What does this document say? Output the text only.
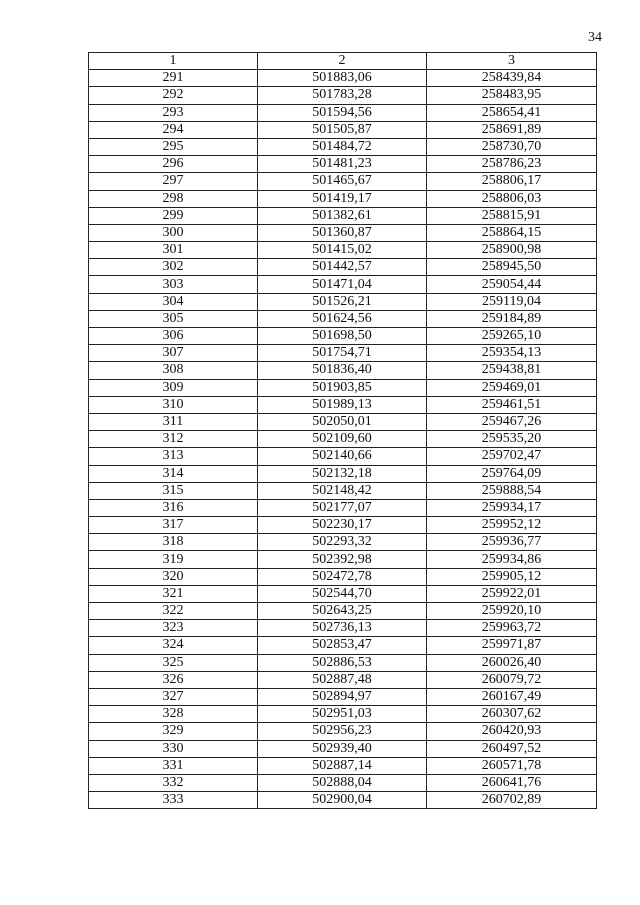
34
1	2	3
291	501883,06	258439,84
292	501783,28	258483,95
293	501594,56	258654,41
294	501505,87	258691,89
295	501484,72	258730,70
296	501481,23	258786,23
297	501465,67	258806,17
298	501419,17	258806,03
299	501382,61	258815,91
300	501360,87	258864,15
301	501415,02	258900,98
302	501442,57	258945,50
303	501471,04	259054,44
304	501526,21	259119,04
305	501624,56	259184,89
306	501698,50	259265,10
307	501754,71	259354,13
308	501836,40	259438,81
309	501903,85	259469,01
310	501989,13	259461,51
311	502050,01	259467,26
312	502109,60	259535,20
313	502140,66	259702,47
314	502132,18	259764,09
315	502148,42	259888,54
316	502177,07	259934,17
317	502230,17	259952,12
318	502293,32	259936,77
319	502392,98	259934,86
320	502472,78	259905,12
321	502544,70	259922,01
322	502643,25	259920,10
323	502736,13	259963,72
324	502853,47	259971,87
325	502886,53	260026,40
326	502887,48	260079,72
327	502894,97	260167,49
328	502951,03	260307,62
329	502956,23	260420,93
330	502939,40	260497,52
331	502887,14	260571,78
332	502888,04	260641,76
333	502900,04	260702,89
